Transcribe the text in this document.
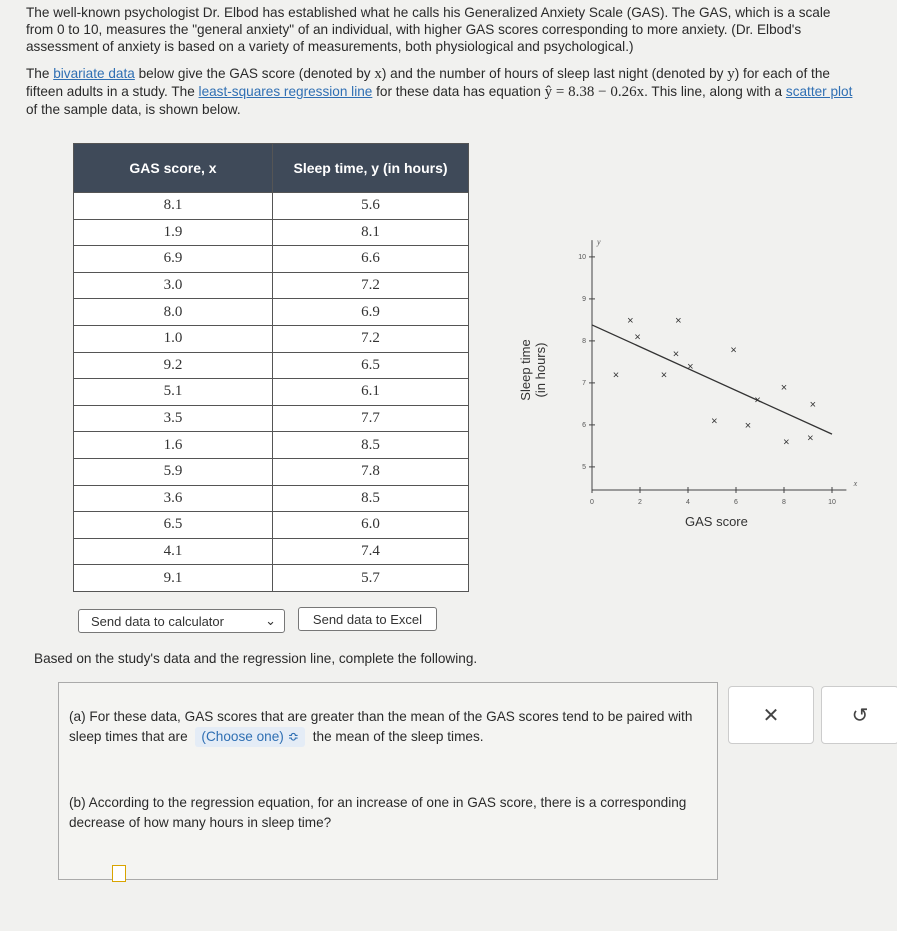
The well-known psychologist Dr. Elbod has established what he calls his Generalized Anxiety Scale (GAS). The GAS, which is a scale from 0 to 10, measures the "general anxiety" of an individual, with higher GAS scores corresponding to more anxiety. (Dr. Elbod's assessment of anxiety is based on a variety of measurements, both physiological and psychological.)

The bivariate data below give the GAS score (denoted by x) and the number of hours of sleep last night (denoted by y) for each of the fifteen adults in a study. The least-squares regression line for these data has equation ŷ = 8.38 − 0.26x. This line, along with a scatter plot of the sample data, is shown below.

GAS score, x	Sleep time, y (in hours)
8.1	5.6
1.9	8.1
6.9	6.6
3.0	7.2
8.0	6.9
1.0	7.2
9.2	6.5
5.1	6.1
3.5	7.7
1.6	8.5
5.9	7.8
3.6	8.5
6.5	6.0
4.1	7.4
9.1	5.7
Send data to calculator	⌄	Send data to Excel
0	2	4	6	8	10
5
6
7
8
9
10
x
y
×
×
×
×
×
×
×
×
×
×
×
×
×
×
×
Sleep time(in hours)
GAS score
Based on the study's data and the regression line, complete the following.
(a) For these data, GAS scores that are greater than the mean of the GAS scores tend to be paired with sleep times that are (Choose one) ≎ the mean of the sleep times.
(b) According to the regression equation, for an increase of one in GAS score, there is a corresponding decrease of how many hours in sleep time?
✕	↺
